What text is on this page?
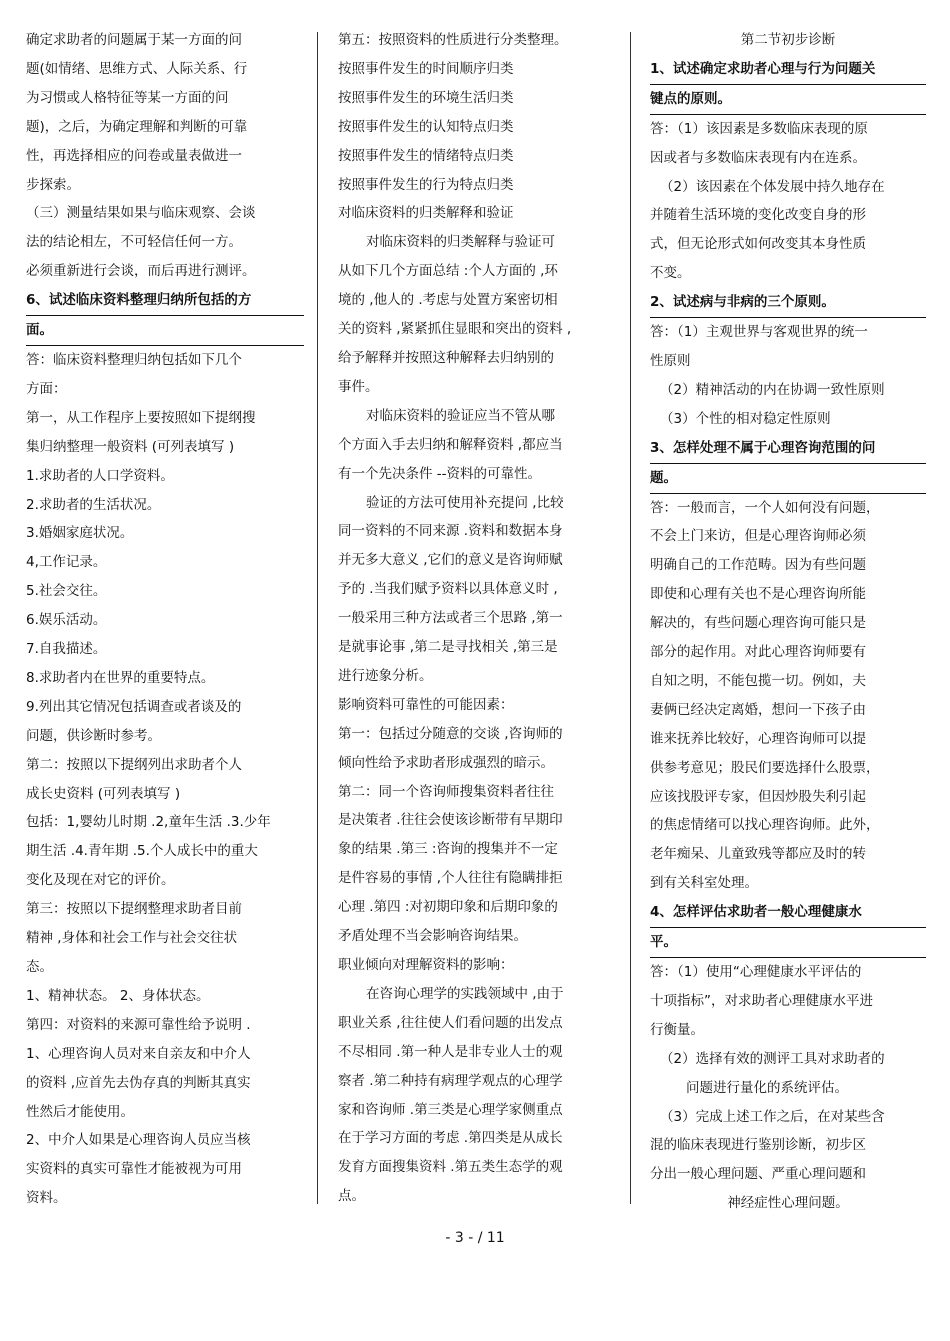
确定求助者的问题属于某一方面的问
题(如情绪、思维方式、人际关系、行
为习惯或人格特征等某一方面的问
题)，之后，为确定理解和判断的可靠
性，再选择相应的问卷或量表做进一
步探索。
（三）测量结果如果与临床观察、会谈
法的结论相左，不可轻信任何一方。
必须重新进行会谈，而后再进行测评。
6、试述临床资料整理归纳所包括的方
面。
答：临床资料整理归纳包括如下几个
方面：
第一，从工作程序上要按照如下提纲搜
集归纳整理一般资料 (可列表填写 )
1.求助者的人口学资料。
2.求助者的生活状况。
3.婚姻家庭状况。
4,工作记录。
5.社会交往。
6.娱乐活动。
7.自我描述。
8.求助者内在世界的重要特点。
9.列出其它情况包括调查或者谈及的
问题，供诊断时参考。
第二：按照以下提纲列出求助者个人
成长史资料 (可列表填写 )
包括：1,婴幼儿时期 .2,童年生活 .3.少年
期生活 .4.青年期 .5.个人成长中的重大
变化及现在对它的评价。
第三：按照以下提纲整理求助者目前
精神 ,身体和社会工作与社会交往状
态。
1、精神状态。 2、身体状态。
第四：对资料的来源可靠性给予说明 .
1、心理咨询人员对来自亲友和中介人
的资料 ,应首先去伪存真的判断其真实
性然后才能使用。
2、中介人如果是心理咨询人员应当核
实资料的真实可靠性才能被视为可用
资料。
第五：按照资料的性质进行分类整理。
按照事件发生的时间顺序归类
按照事件发生的环境生活归类
按照事件发生的认知特点归类
按照事件发生的情绪特点归类
按照事件发生的行为特点归类
对临床资料的归类解释和验证
对临床资料的归类解释与验证可
从如下几个方面总结 :个人方面的 ,环
境的 ,他人的 .考虑与处置方案密切相
关的资料 ,紧紧抓住显眼和突出的资料 ,
给予解释并按照这种解释去归纳别的
事件。
对临床资料的验证应当不管从哪
个方面入手去归纳和解释资料 ,都应当
有一个先决条件 --资料的可靠性。
验证的方法可使用补充提问 ,比较
同一资料的不同来源 .资料和数据本身
并无多大意义 ,它们的意义是咨询师赋
予的 .当我们赋予资料以具体意义时 ,
一般采用三种方法或者三个思路 ,第一
是就事论事 ,第二是寻找相关 ,第三是
进行迹象分析。
影响资料可靠性的可能因素：
第一：包括过分随意的交谈 ,咨询师的
倾向性给予求助者形成强烈的暗示。
第二：同一个咨询师搜集资料者往往
是决策者 .往往会使该诊断带有早期印
象的结果 .第三 :咨询的搜集并不一定
是件容易的事情 ,个人往往有隐瞒排拒
心理 .第四 :对初期印象和后期印象的
矛盾处理不当会影响咨询结果。
职业倾向对理解资料的影响：
在咨询心理学的实践领域中 ,由于
职业关系 ,往往使人们看问题的出发点
不尽相同 .第一种人是非专业人士的观
察者 .第二种持有病理学观点的心理学
家和咨询师 .第三类是心理学家侧重点
在于学习方面的考虑 .第四类是从成长
发育方面搜集资料 .第五类生态学的观
点。
第二节初步诊断
1、试述确定求助者心理与行为问题关
键点的原则。
答：（1）该因素是多数临床表现的原
因或者与多数临床表现有内在连系。
（2）该因素在个体发展中持久地存在
并随着生活环境的变化改变自身的形
式，但无论形式如何改变其本身性质
不变。
2、试述病与非病的三个原则。
答：（1）主观世界与客观世界的统一
性原则
（2）精神活动的内在协调一致性原则
（3）个性的相对稳定性原则
3、怎样处理不属于心理咨询范围的问
题。
答：一般而言，一个人如何没有问题，
不会上门来访，但是心理咨询师必须
明确自己的工作范畴。因为有些问题
即使和心理有关也不是心理咨询所能
解决的，有些问题心理咨询可能只是
部分的起作用。对此心理咨询师要有
自知之明，不能包揽一切。例如，夫
妻俩已经决定离婚，想问一下孩子由
谁来抚养比较好，心理咨询师可以提
供参考意见；股民们要选择什么股票，
应该找股评专家，但因炒股失利引起
的焦虑情绪可以找心理咨询师。此外，
老年痴呆、儿童致残等都应及时的转
到有关科室处理。
4、怎样评估求助者一般心理健康水
平。
答：（1）使用“心理健康水平评估的
十项指标”，对求助者心理健康水平进
行衡量。
（2）选择有效的测评工具对求助者的
问题进行量化的系统评估。
（3）完成上述工作之后，在对某些含
混的临床表现进行鉴别诊断，初步区
分出一般心理问题、严重心理问题和
神经症性心理问题。
- 3 - / 11
